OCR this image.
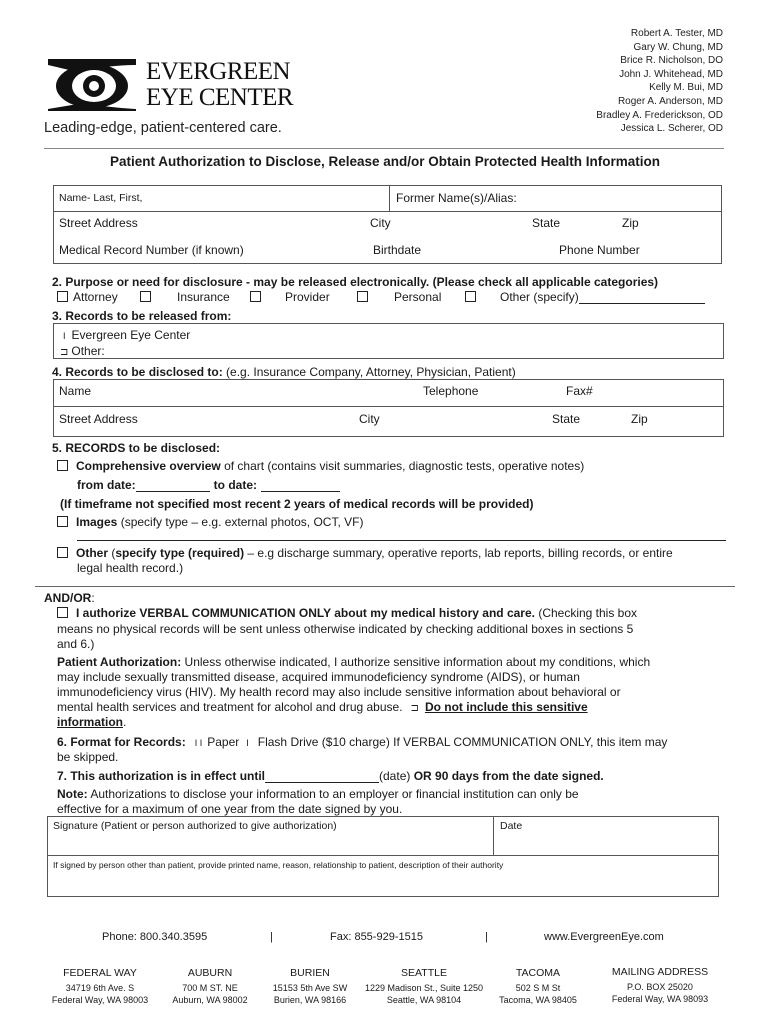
EVERGREEN
EYE CENTER
Leading-edge, patient-centered care.
Robert A. Tester, MD
Gary W. Chung, MD
Brice R. Nicholson, DO
John J. Whitehead, MD
Kelly M. Bui, MD
Roger A. Anderson, MD
Bradley A. Frederickson, OD
Jessica L. Scherer, OD
Patient Authorization to Disclose, Release and/or Obtain Protected Health Information
Name- Last, First,	Former Name(s)/Alias:
Street Address	City	State	Zip
Medical Record Number (if known)	Birthdate	Phone Number
2. Purpose or need for disclosure - may be released electronically. (Please check all applicable categories)
Attorney	Insurance	Provider	Personal	Other (specify)
3. Records to be released from:
I Evergreen Eye Center
⊐ Other:
4. Records to be disclosed to: (e.g. Insurance Company, Attorney, Physician, Patient)
Name	Telephone	Fax#
Street Address	City	State	Zip
5. RECORDS to be disclosed:
Comprehensive overview of chart (contains visit summaries, diagnostic tests, operative notes)
from date:	to date:
(If timeframe not specified most recent 2 years of medical records will be provided)
Images (specify type – e.g. external photos, OCT, VF)
Other (specify type (required) – e.g discharge summary, operative reports, lab reports, billing records, or entire
legal health record.)
AND/OR:
I authorize VERBAL COMMUNICATION ONLY about my medical history and care. (Checking this box
means no physical records will be sent unless otherwise indicated by checking additional boxes in sections 5
and 6.)
Patient Authorization: Unless otherwise indicated, I authorize sensitive information about my conditions, which
may include sexually transmitted disease, acquired immunodeficiency syndrome (AIDS), or human
immunodeficiency virus (HIV). My health record may also include sensitive information about behavioral or
mental health services and treatment for alcohol and drug abuse. ⊐ Do not include this sensitive
information.
6. Format for Records: I I Paper I Flash Drive ($10 charge) If VERBAL COMMUNICATION ONLY, this item may
be skipped.
7. This authorization is in effect until	(date) OR 90 days from the date signed.
Note: Authorizations to disclose your information to an employer or financial institution can only be
effective for a maximum of one year from the date signed by you.
Signature (Patient or person authorized to give authorization)	Date
If signed by person other than patient, provide printed name, reason, relationship to patient, description of their authority
Phone: 800.340.3595	|	Fax: 855-929-1515	|	www.EvergreenEye.com
FEDERAL WAY
34719 6th Ave. S
Federal Way, WA 98003
AUBURN
700 M ST. NE
Auburn, WA 98002
BURIEN
15153 5th Ave SW
Burien, WA 98166
SEATTLE
1229 Madison St., Suite 1250
Seattle, WA 98104
TACOMA
502 S M St
Tacoma, WA 98405
MAILING ADDRESS
P.O. BOX 25020
Federal Way, WA 98093
